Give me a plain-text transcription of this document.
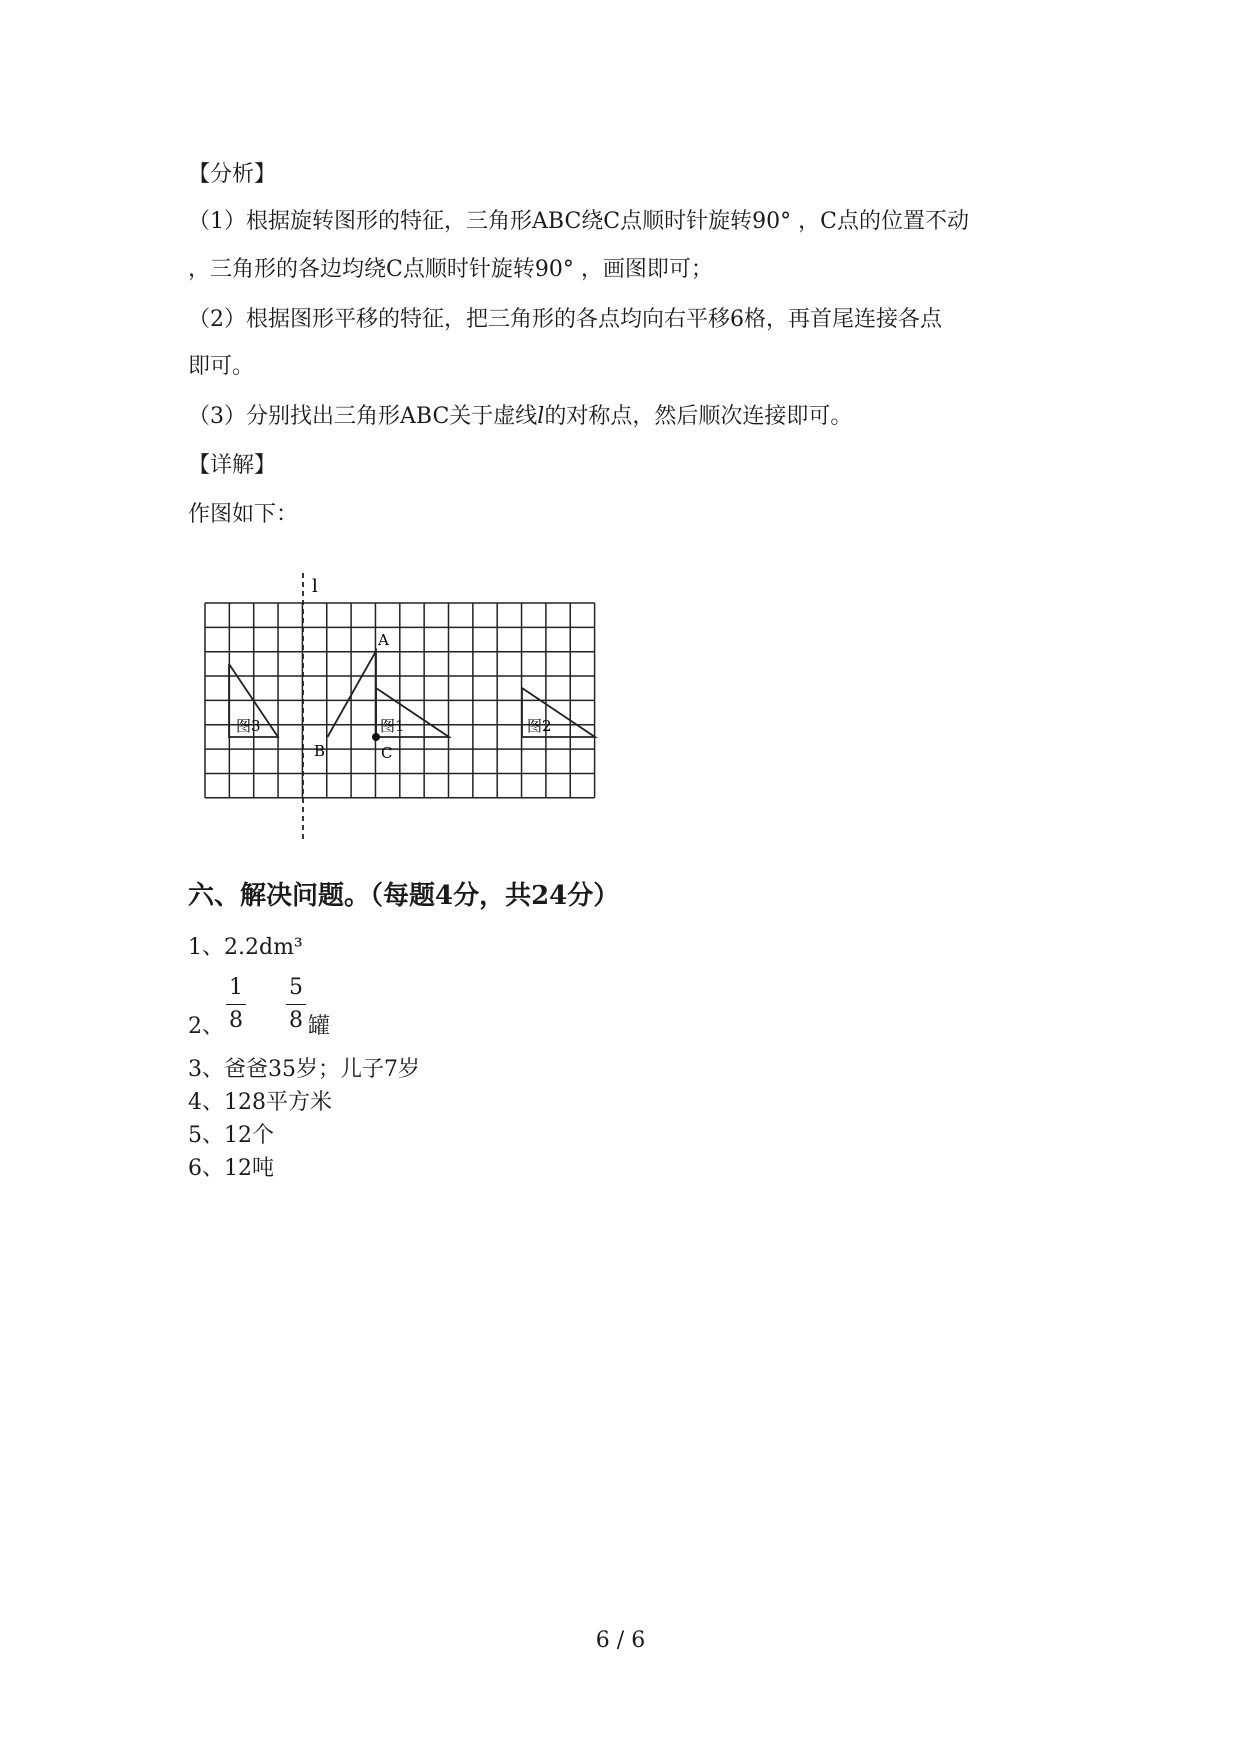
【分析】
（1）根据旋转图形的特征，三角形ABC绕C点顺时针旋转90° ，C点的位置不动
，三角形的各边均绕C点顺时针旋转90° ，画图即可；
（2）根据图形平移的特征，把三角形的各点均向右平移6格，再首尾连接各点
即可。
（3）分别找出三角形ABC关于虚线l的对称点，然后顺次连接即可。
【详解】
作图如下：
l
A
B	C
图1	图2
图3
六、解决问题。（每题4分，共24分）
1、2.2dm³
1
8
5
8
2、	罐
3、爸爸35岁；儿子7岁
4、128平方米
5、12个
6、12吨
6 / 6
